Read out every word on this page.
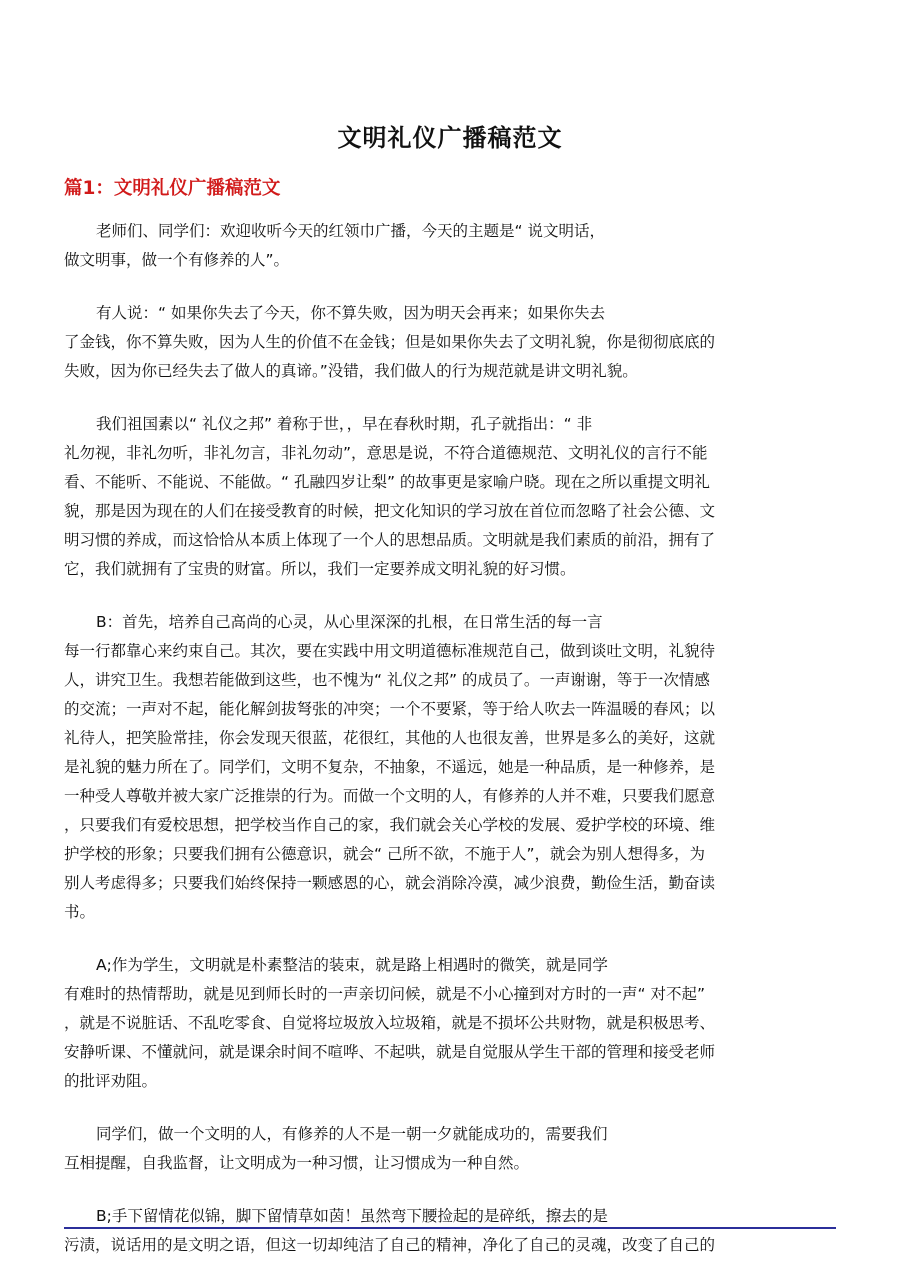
文明礼仪广播稿范文
篇1：文明礼仪广播稿范文
老师们、同学们：欢迎收听今天的红领巾广播，今天的主题是“ 说文明话，
做文明事，做一个有修养的人”。
有人说：“ 如果你失去了今天，你不算失败，因为明天会再来；如果你失去
了金钱，你不算失败，因为人生的价值不在金钱；但是如果你失去了文明礼貌，你是彻彻底底的
失败，因为你已经失去了做人的真谛。”没错，我们做人的行为规范就是讲文明礼貌。
我们祖国素以“ 礼仪之邦” 着称于世，，早在春秋时期，孔子就指出：“ 非
礼勿视，非礼勿听，非礼勿言，非礼勿动”，意思是说，不符合道德规范、文明礼仪的言行不能
看、不能听、不能说、不能做。“ 孔融四岁让梨” 的故事更是家喻户晓。现在之所以重提文明礼
貌，那是因为现在的人们在接受教育的时候，把文化知识的学习放在首位而忽略了社会公德、文
明习惯的养成，而这恰恰从本质上体现了一个人的思想品质。文明就是我们素质的前沿，拥有了
它，我们就拥有了宝贵的财富。所以，我们一定要养成文明礼貌的好习惯。
B：首先，培养自己高尚的心灵，从心里深深的扎根，在日常生活的每一言
每一行都靠心来约束自己。其次，要在实践中用文明道德标准规范自己，做到谈吐文明，礼貌待
人，讲究卫生。我想若能做到这些，也不愧为“ 礼仪之邦” 的成员了。一声谢谢，等于一次情感
的交流；一声对不起，能化解剑拔弩张的冲突；一个不要紧，等于给人吹去一阵温暖的春风；以
礼待人，把笑脸常挂，你会发现天很蓝，花很红，其他的人也很友善，世界是多么的美好，这就
是礼貌的魅力所在了。同学们，文明不复杂，不抽象，不遥远，她是一种品质，是一种修养，是
一种受人尊敬并被大家广泛推崇的行为。而做一个文明的人，有修养的人并不难，只要我们愿意
，只要我们有爱校思想，把学校当作自己的家，我们就会关心学校的发展、爱护学校的环境、维
护学校的形象；只要我们拥有公德意识，就会“ 己所不欲，不施于人”，就会为别人想得多，为
别人考虑得多；只要我们始终保持一颗感恩的心，就会消除冷漠，减少浪费，勤俭生活，勤奋读
书。
A;作为学生，文明就是朴素整洁的装束，就是路上相遇时的微笑，就是同学
有难时的热情帮助，就是见到师长时的一声亲切问候，就是不小心撞到对方时的一声“ 对不起”
，就是不说脏话、不乱吃零食、自觉将垃圾放入垃圾箱，就是不损坏公共财物，就是积极思考、
安静听课、不懂就问，就是课余时间不喧哗、不起哄，就是自觉服从学生干部的管理和接受老师
的批评劝阻。
同学们，做一个文明的人，有修养的人不是一朝一夕就能成功的，需要我们
互相提醒，自我监督，让文明成为一种习惯，让习惯成为一种自然。
B;手下留情花似锦，脚下留情草如茵！虽然弯下腰捡起的是碎纸，擦去的是
污渍，说话用的是文明之语，但这一切却纯洁了自己的精神，净化了自己的灵魂，改变了自己的
